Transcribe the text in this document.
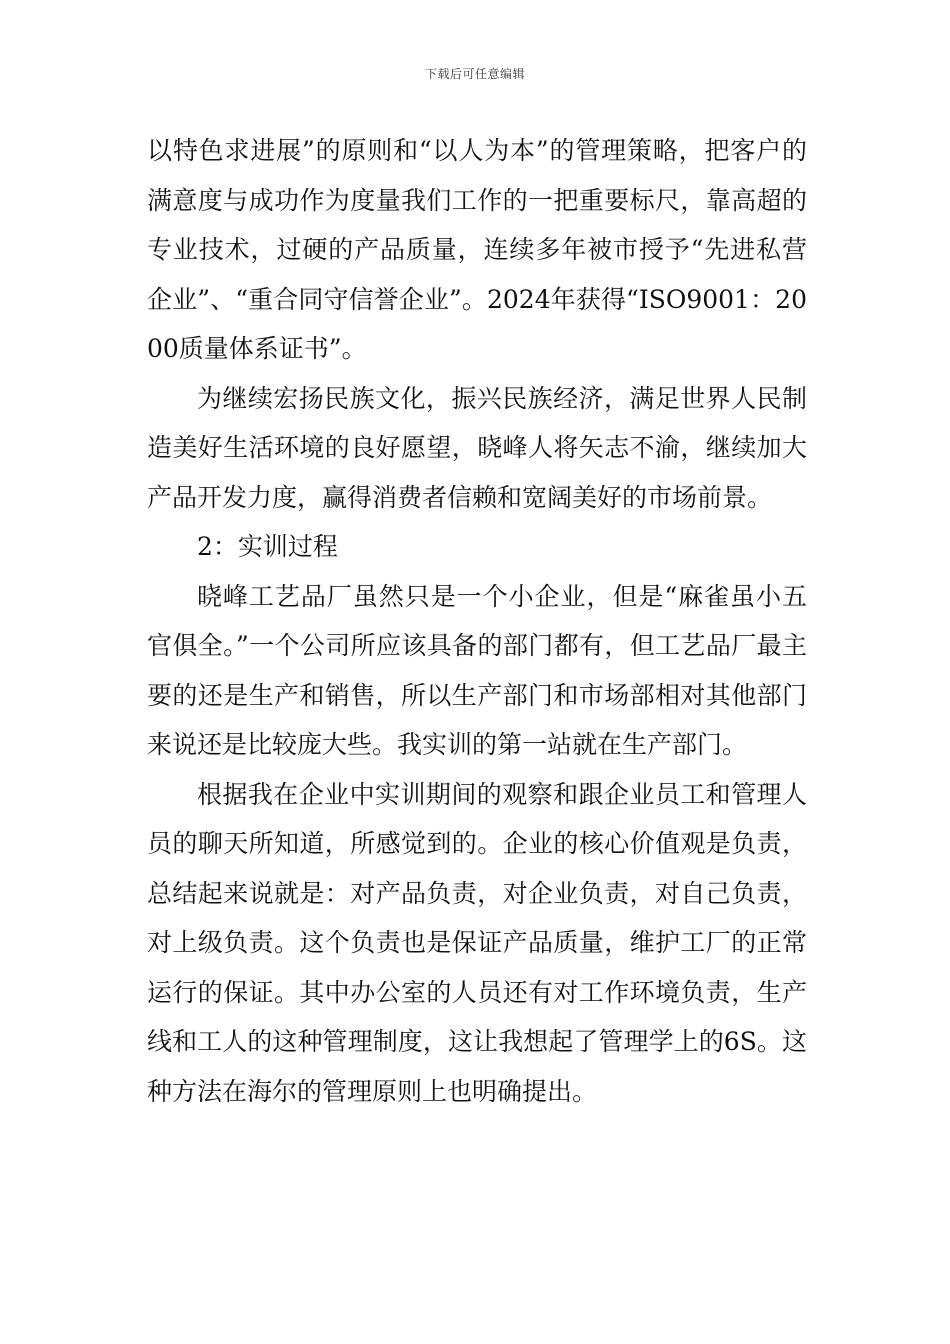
下载后可任意编辑

以特色求进展”的原则和“以人为本”的管理策略，把客户的满意度与成功作为度量我们工作的一把重要标尺，靠高超的专业技术，过硬的产品质量，连续多年被市授予“先进私营企业”、“重合同守信誉企业”。2024年获得“ISO9001：2000质量体系证书”。

为继续宏扬民族文化，振兴民族经济，满足世界人民制造美好生活环境的良好愿望，晓峰人将矢志不渝，继续加大产品开发力度，赢得消费者信赖和宽阔美好的市场前景。

2：实训过程

晓峰工艺品厂虽然只是一个小企业，但是“麻雀虽小五官俱全。”一个公司所应该具备的部门都有，但工艺品厂最主要的还是生产和销售，所以生产部门和市场部相对其他部门来说还是比较庞大些。我实训的第一站就在生产部门。

根据我在企业中实训期间的观察和跟企业员工和管理人员的聊天所知道，所感觉到的。企业的核心价值观是负责，总结起来说就是：对产品负责，对企业负责，对自己负责，对上级负责。这个负责也是保证产品质量，维护工厂的正常运行的保证。其中办公室的人员还有对工作环境负责，生产线和工人的这种管理制度，这让我想起了管理学上的6S。这种方法在海尔的管理原则上也明确提出。
